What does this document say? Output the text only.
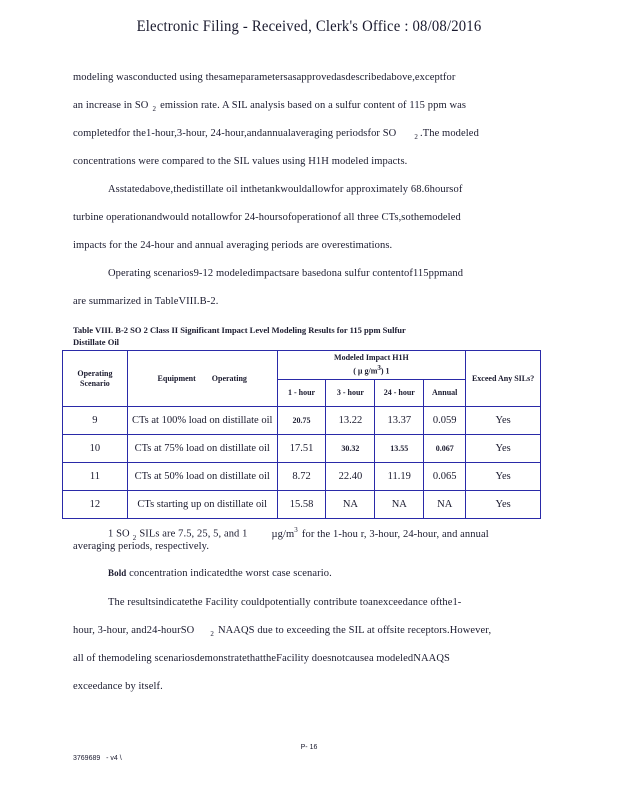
Electronic Filing - Received, Clerk's Office : 08/08/2016
modeling wasconducted using thesameparametersasapprovedasdescribedabove,exceptfor
an increase in SO $_2$ emission rate. A SIL analysis based on a sulfur content of 115 ppm was
completedfor the1-hour,3-hour, 24-hour,andannualaveraging periodsfor SO	$_2$ .The modeled
concentrations were compared to the SIL values using H1H modeled impacts.
Asstatedabove,thedistillate oil inthetankwouldallowfor approximately 68.6hoursof
turbine operationandwould notallowfor 24-hoursofoperationof all three CTs,sothemodeled
impacts for the 24-hour and annual averaging periods are overestimations.
Operating scenarios9-12 modeledimpactsare basedona sulfur contentof115ppmand
are summarized in TableVIII.B-2.
Table VIII. B-2 SO 2 Class II Significant Impact Level Modeling Results for 115 ppm Sulfur
Distillate Oil
Operating Scenario	Equipment Operating	Modeled Impact H1H
( µ $g/m^3$) 1				Exceed Any SILs?
		1 - hour	3 - hour	24 - hour	Annual	
9	CTs at 100% load on distillate oil	20.75	13.22	13.37	0.059	Yes
10	CTs at 75% load on distillate oil	17.51	30.32	13.55	0.067	Yes
11	CTs at 50% load on distillate oil	8.72	22.40	11.19	0.065	Yes
12	CTs starting up on distillate oil	15.58	NA	NA	NA	Yes
1 SO $_2$ SILs are 7.5, 25, 5, and 1 $\mu g/m^3$ for the 1-hou r, 3-hour, 24-hour, and annual
averaging periods, respectively.
Bold concentration indicatedthe worst case scenario.
The resultsindicatethe Facility couldpotentially contribute toanexceedance ofthe1-
hour, 3-hour, and24-hourSO $_2$ NAAQS due to exceeding the SIL at offsite receptors.However,
all of themodeling scenariosdemonstratethattheFacility doesnotcausea modeledNAAQS
exceedance by itself.
P- 16
3769689 - v4 \
